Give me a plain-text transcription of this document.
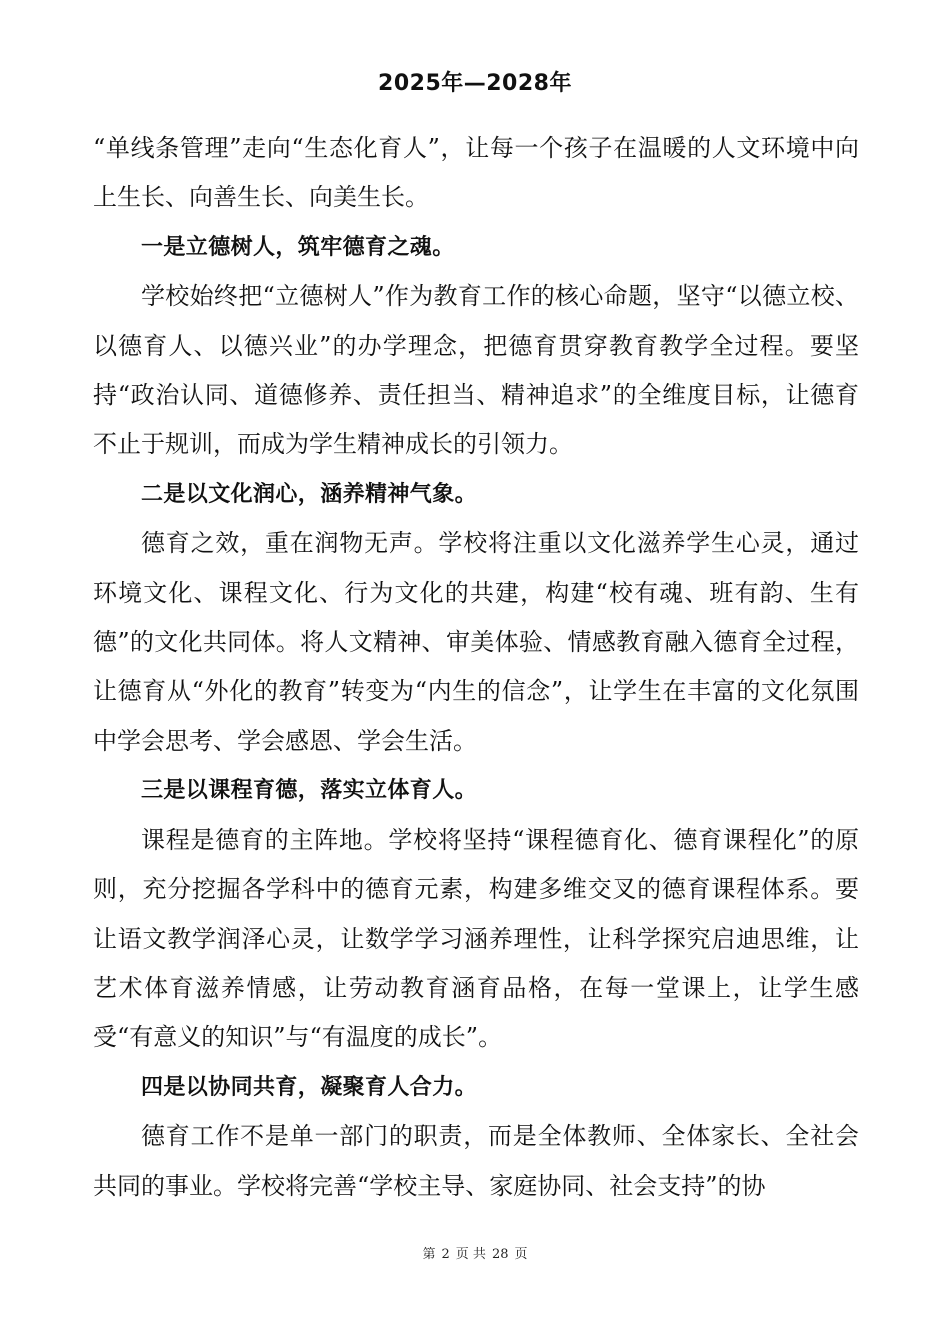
2025年—2028年

“单线条管理”走向“生态化育人”，让每一个孩子在温暖的人文环境中向上生长、向善生长、向美生长。

一是立德树人，筑牢德育之魂。

学校始终把“立德树人”作为教育工作的核心命题，坚守“以德立校、以德育人、以德兴业”的办学理念，把德育贯穿教育教学全过程。要坚持“政治认同、道德修养、责任担当、精神追求”的全维度目标，让德育不止于规训，而成为学生精神成长的引领力。

二是以文化润心，涵养精神气象。

德育之效，重在润物无声。学校将注重以文化滋养学生心灵，通过环境文化、课程文化、行为文化的共建，构建“校有魂、班有韵、生有德”的文化共同体。将人文精神、审美体验、情感教育融入德育全过程，让德育从“外化的教育”转变为“内生的信念”，让学生在丰富的文化氛围中学会思考、学会感恩、学会生活。

三是以课程育德，落实立体育人。

课程是德育的主阵地。学校将坚持“课程德育化、德育课程化”的原则，充分挖掘各学科中的德育元素，构建多维交叉的德育课程体系。要让语文教学润泽心灵，让数学学习涵养理性，让科学探究启迪思维，让艺术体育滋养情感，让劳动教育涵育品格，在每一堂课上，让学生感受“有意义的知识”与“有温度的成长”。

四是以协同共育，凝聚育人合力。

德育工作不是单一部门的职责，而是全体教师、全体家长、全社会共同的事业。学校将完善“学校主导、家庭协同、社会支持”的协

第 2 页 共 28 页
